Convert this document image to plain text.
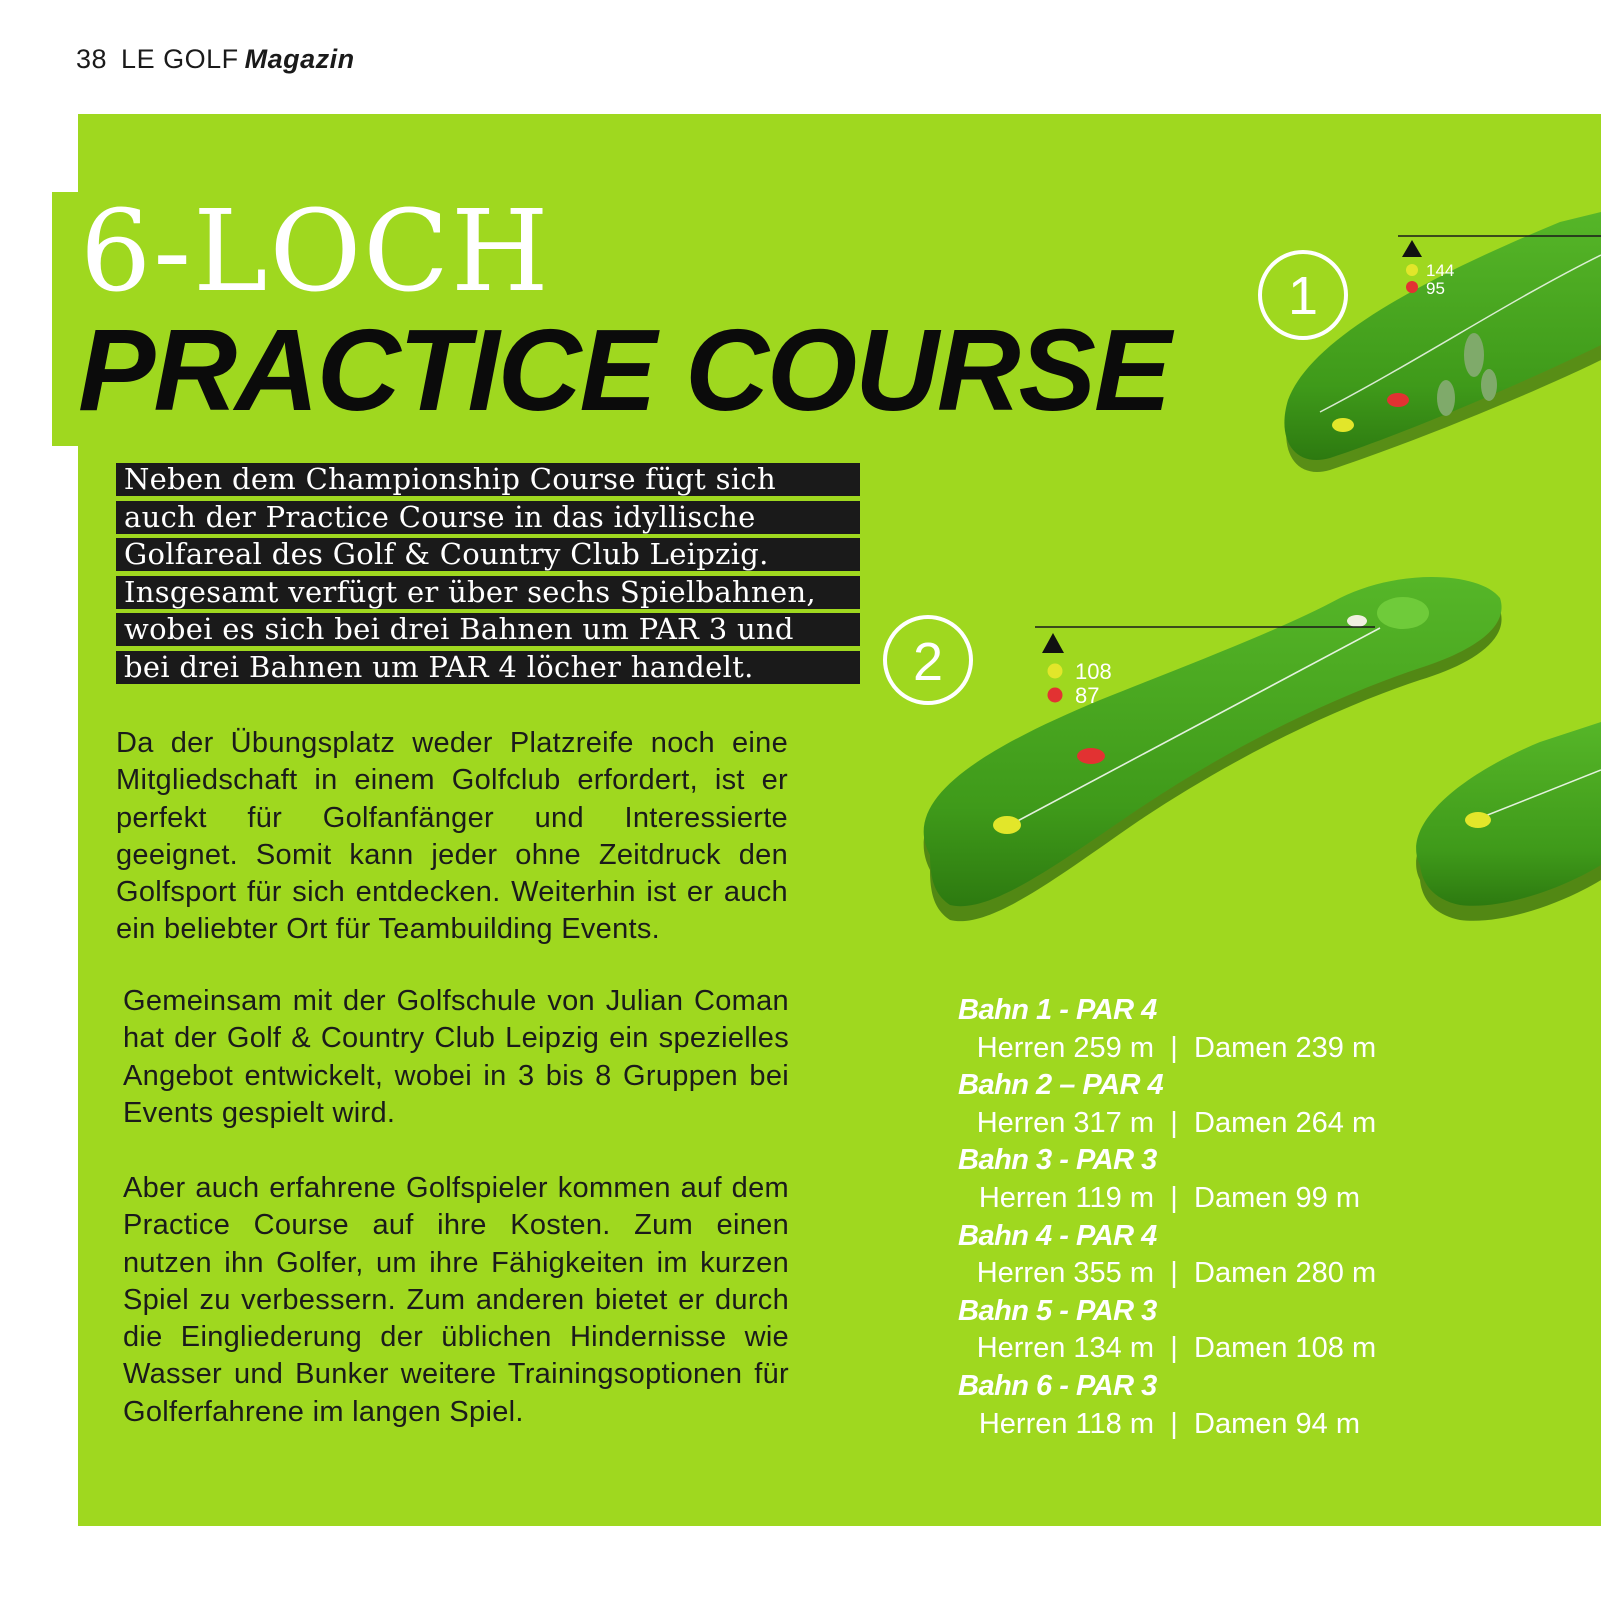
38 LE GOLF Magazin
144
95
1
108
87
2
6-LOCH
PRACTICE COURSE
Neben dem Championship Course fügt sich
auch der Practice Course in das idyllische
Golfareal des Golf & Country Club Leipzig.
Insgesamt verfügt er über sechs Spielbahnen,
wobei es sich bei drei Bahnen um PAR 3 und
bei drei Bahnen um PAR 4 löcher handelt.

Da der Übungsplatz weder Platzreife noch eine Mitgliedschaft in einem Golfclub erfordert, ist er perfekt für Golfanfänger und Interessierte geeignet. Somit kann jeder ohne Zeitdruck den Golfsport für sich entdecken. Weiterhin ist er auch ein beliebter Ort für Teambuilding Events.

Gemeinsam mit der Golfschule von Julian Coman hat der Golf & Country Club Leipzig ein spezielles Angebot entwickelt, wobei in 3 bis 8 Gruppen bei Events gespielt wird.

Aber auch erfahrene Golfspieler kommen auf dem Practice Course auf ihre Kosten. Zum einen nutzen ihn Golfer, um ihre Fähigkeiten im kurzen Spiel zu verbessern. Zum anderen bietet er durch die Eingliederung der üblichen Hindernisse wie Wasser und Bunker weitere Trainingsoptionen für Golferfahrene im langen Spiel.

Bahn 1 - PAR 4
Herren 259 m | Damen 239 m
Bahn 2 – PAR 4
Herren 317 m | Damen 264 m
Bahn 3 - PAR 3
Herren 119 m | Damen 99 m
Bahn 4 - PAR 4
Herren 355 m | Damen 280 m
Bahn 5 - PAR 3
Herren 134 m | Damen 108 m
Bahn 6 - PAR 3
Herren 118 m | Damen 94 m
